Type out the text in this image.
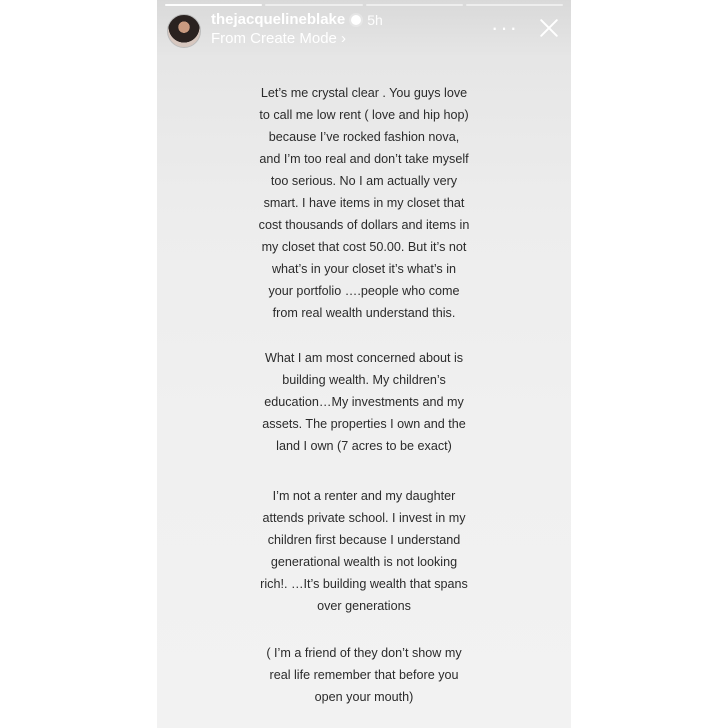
thejacquelineblake 5h
From Create Mode ›	···
Let’s me crystal clear . You guys love
to call me low rent ( love and hip hop)
because I’ve rocked fashion nova,
and I’m too real and don’t take myself
too serious. No I am actually very
smart. I have items in my closet that
cost thousands of dollars and items in
my closet that cost 50.00. But it’s not
what’s in your closet it’s what’s in
your portfolio ….people who come
from real wealth understand this.
What I am most concerned about is
building wealth. My children’s
education…My investments and my
assets. The properties I own and the
land I own (7 acres to be exact)
I’m not a renter and my daughter
attends private school. I invest in my
children first because I understand
generational wealth is not looking
rich!. …It’s building wealth that spans
over generations
( I’m a friend of they don’t show my
real life remember that before you
open your mouth)
